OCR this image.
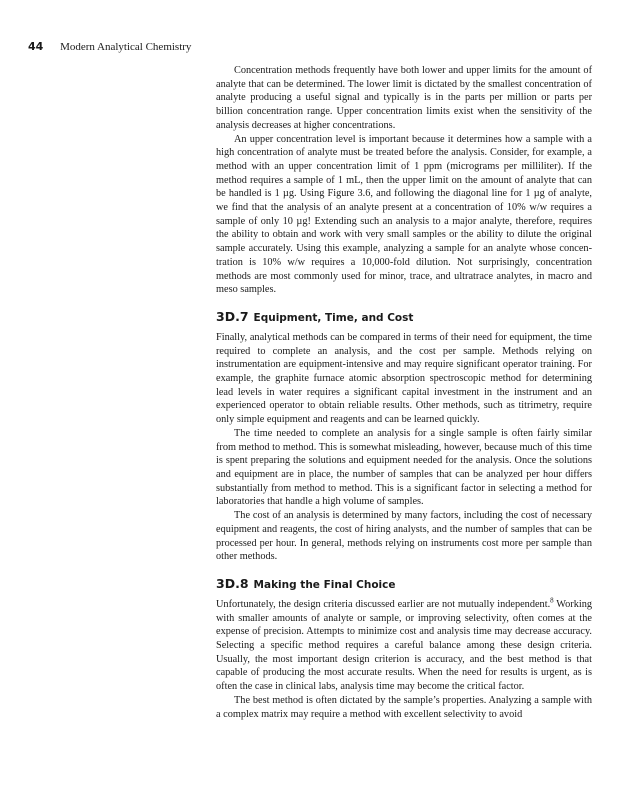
44 Modern Analytical Chemistry

Concentration methods frequently have both lower and upper limits for the amount of analyte that can be determined. The lower limit is dictated by the smallest concentration of analyte producing a useful signal and typically is in the parts per million or parts per billion concentration range. Upper concentration limits exist when the sensitivity of the analysis decreases at higher concentrations.

An upper concentration level is important because it determines how a sample with a high concentration of analyte must be treated before the analysis. Consider, for example, a method with an upper concentration limit of 1 ppm (micrograms per milliliter). If the method requires a sample of 1 mL, then the upper limit on the amount of analyte that can be handled is 1 µg. Using Figure 3.6, and following the diagonal line for 1 µg of analyte, we find that the analysis of an analyte present at a concentration of 10% w/w requires a sample of only 10 µg! Extending such an analysis to a major analyte, therefore, requires the ability to obtain and work with very small samples or the ability to dilute the original sample accurately. Using this example, analyzing a sample for an analyte whose concentration is 10% w/w requires a 10,000-fold dilution. Not surprisingly, concentration methods are most commonly used for minor, trace, and ultratrace analytes, in macro and meso samples.

3D.7 Equipment, Time, and Cost

Finally, analytical methods can be compared in terms of their need for equipment, the time required to complete an analysis, and the cost per sample. Methods relying on instrumentation are equipment-intensive and may require significant operator training. For example, the graphite furnace atomic absorption spectroscopic method for determining lead levels in water requires a significant capital investment in the instrument and an experienced operator to obtain reliable results. Other methods, such as titrimetry, require only simple equipment and reagents and can be learned quickly.

The time needed to complete an analysis for a single sample is often fairly similar from method to method. This is somewhat misleading, however, because much of this time is spent preparing the solutions and equipment needed for the analysis. Once the solutions and equipment are in place, the number of samples that can be analyzed per hour differs substantially from method to method. This is a significant factor in selecting a method for laboratories that handle a high volume of samples.

The cost of an analysis is determined by many factors, including the cost of necessary equipment and reagents, the cost of hiring analysts, and the number of samples that can be processed per hour. In general, methods relying on instruments cost more per sample than other methods.

3D.8 Making the Final Choice

Unfortunately, the design criteria discussed earlier are not mutually independent.$^8$ Working with smaller amounts of analyte or sample, or improving selectivity, often comes at the expense of precision. Attempts to minimize cost and analysis time may decrease accuracy. Selecting a specific method requires a careful balance among these design criteria. Usually, the most important design criterion is accuracy, and the best method is that capable of producing the most accurate results. When the need for results is urgent, as is often the case in clinical labs, analysis time may become the critical factor.

The best method is often dictated by the sample’s properties. Analyzing a sample with a complex matrix may require a method with excellent selectivity to avoid
